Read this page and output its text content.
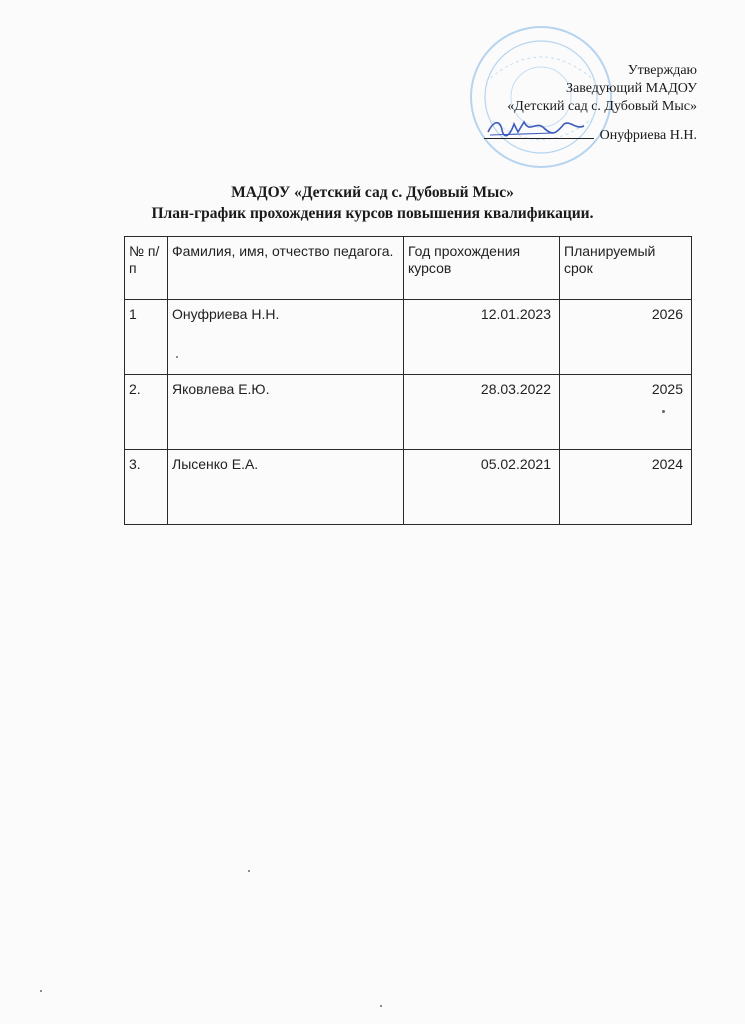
Утверждаю
Заведующий МАДОУ
«Детский сад с. Дубовый Мыс»
Онуфриева Н.Н.
МАДОУ «Детский сад с. Дубовый Мыс»
План-график прохождения курсов повышения квалификации.
№ п/п	Фамилия, имя, отчество педагога.	Год прохождения курсов	Планируемый срок
1	Онуфриева Н.Н.	12.01.2023	2026
2.	Яковлева Е.Ю.	28.03.2022	2025
3.	Лысенко Е.А.	05.02.2021	2024
